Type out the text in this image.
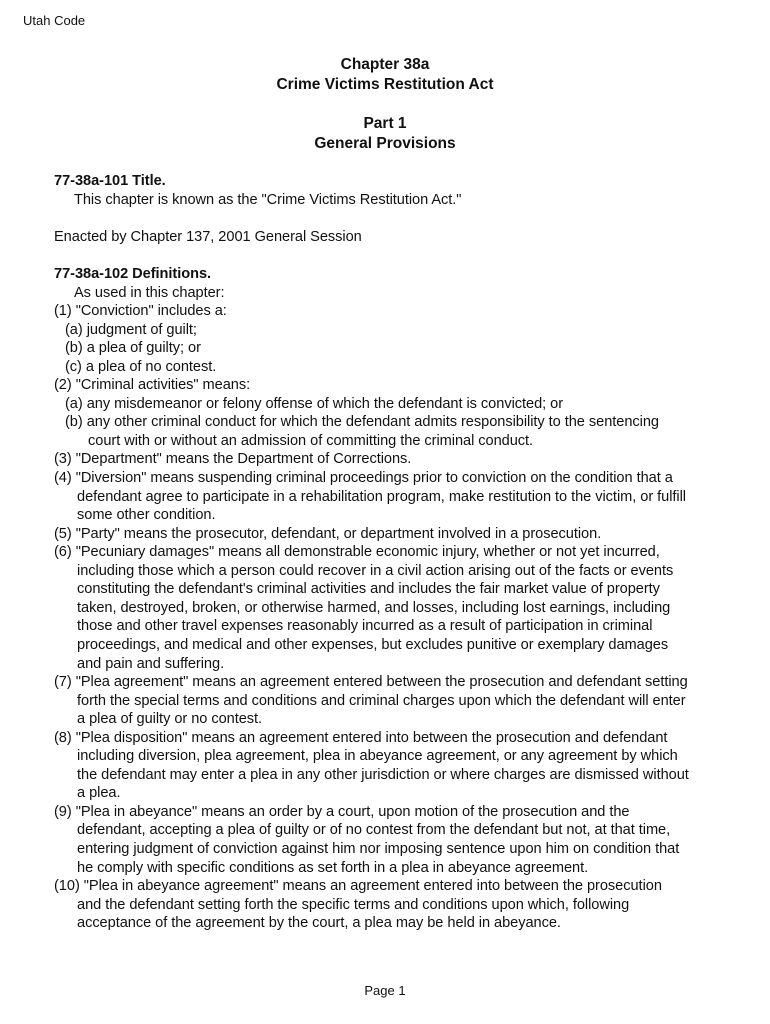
Utah Code
Chapter 38a
Crime Victims Restitution Act
Part 1
General Provisions
77-38a-101 Title.
This chapter is known as the "Crime Victims Restitution Act."
Enacted by Chapter 137, 2001 General Session
77-38a-102 Definitions.
As used in this chapter:
(1) "Conviction" includes a:
(a) judgment of guilt;
(b) a plea of guilty; or
(c) a plea of no contest.
(2) "Criminal activities" means:
(a) any misdemeanor or felony offense of which the defendant is convicted; or
(b) any other criminal conduct for which the defendant admits responsibility to the sentencing
court with or without an admission of committing the criminal conduct.
(3) "Department" means the Department of Corrections.
(4) "Diversion" means suspending criminal proceedings prior to conviction on the condition that a
defendant agree to participate in a rehabilitation program, make restitution to the victim, or fulfill
some other condition.
(5) "Party" means the prosecutor, defendant, or department involved in a prosecution.
(6) "Pecuniary damages" means all demonstrable economic injury, whether or not yet incurred,
including those which a person could recover in a civil action arising out of the facts or events
constituting the defendant's criminal activities and includes the fair market value of property
taken, destroyed, broken, or otherwise harmed, and losses, including lost earnings, including
those and other travel expenses reasonably incurred as a result of participation in criminal
proceedings, and medical and other expenses, but excludes punitive or exemplary damages
and pain and suffering.
(7) "Plea agreement" means an agreement entered between the prosecution and defendant setting
forth the special terms and conditions and criminal charges upon which the defendant will enter
a plea of guilty or no contest.
(8) "Plea disposition" means an agreement entered into between the prosecution and defendant
including diversion, plea agreement, plea in abeyance agreement, or any agreement by which
the defendant may enter a plea in any other jurisdiction or where charges are dismissed without
a plea.
(9) "Plea in abeyance" means an order by a court, upon motion of the prosecution and the
defendant, accepting a plea of guilty or of no contest from the defendant but not, at that time,
entering judgment of conviction against him nor imposing sentence upon him on condition that
he comply with specific conditions as set forth in a plea in abeyance agreement.
(10) "Plea in abeyance agreement" means an agreement entered into between the prosecution
and the defendant setting forth the specific terms and conditions upon which, following
acceptance of the agreement by the court, a plea may be held in abeyance.
Page 1
